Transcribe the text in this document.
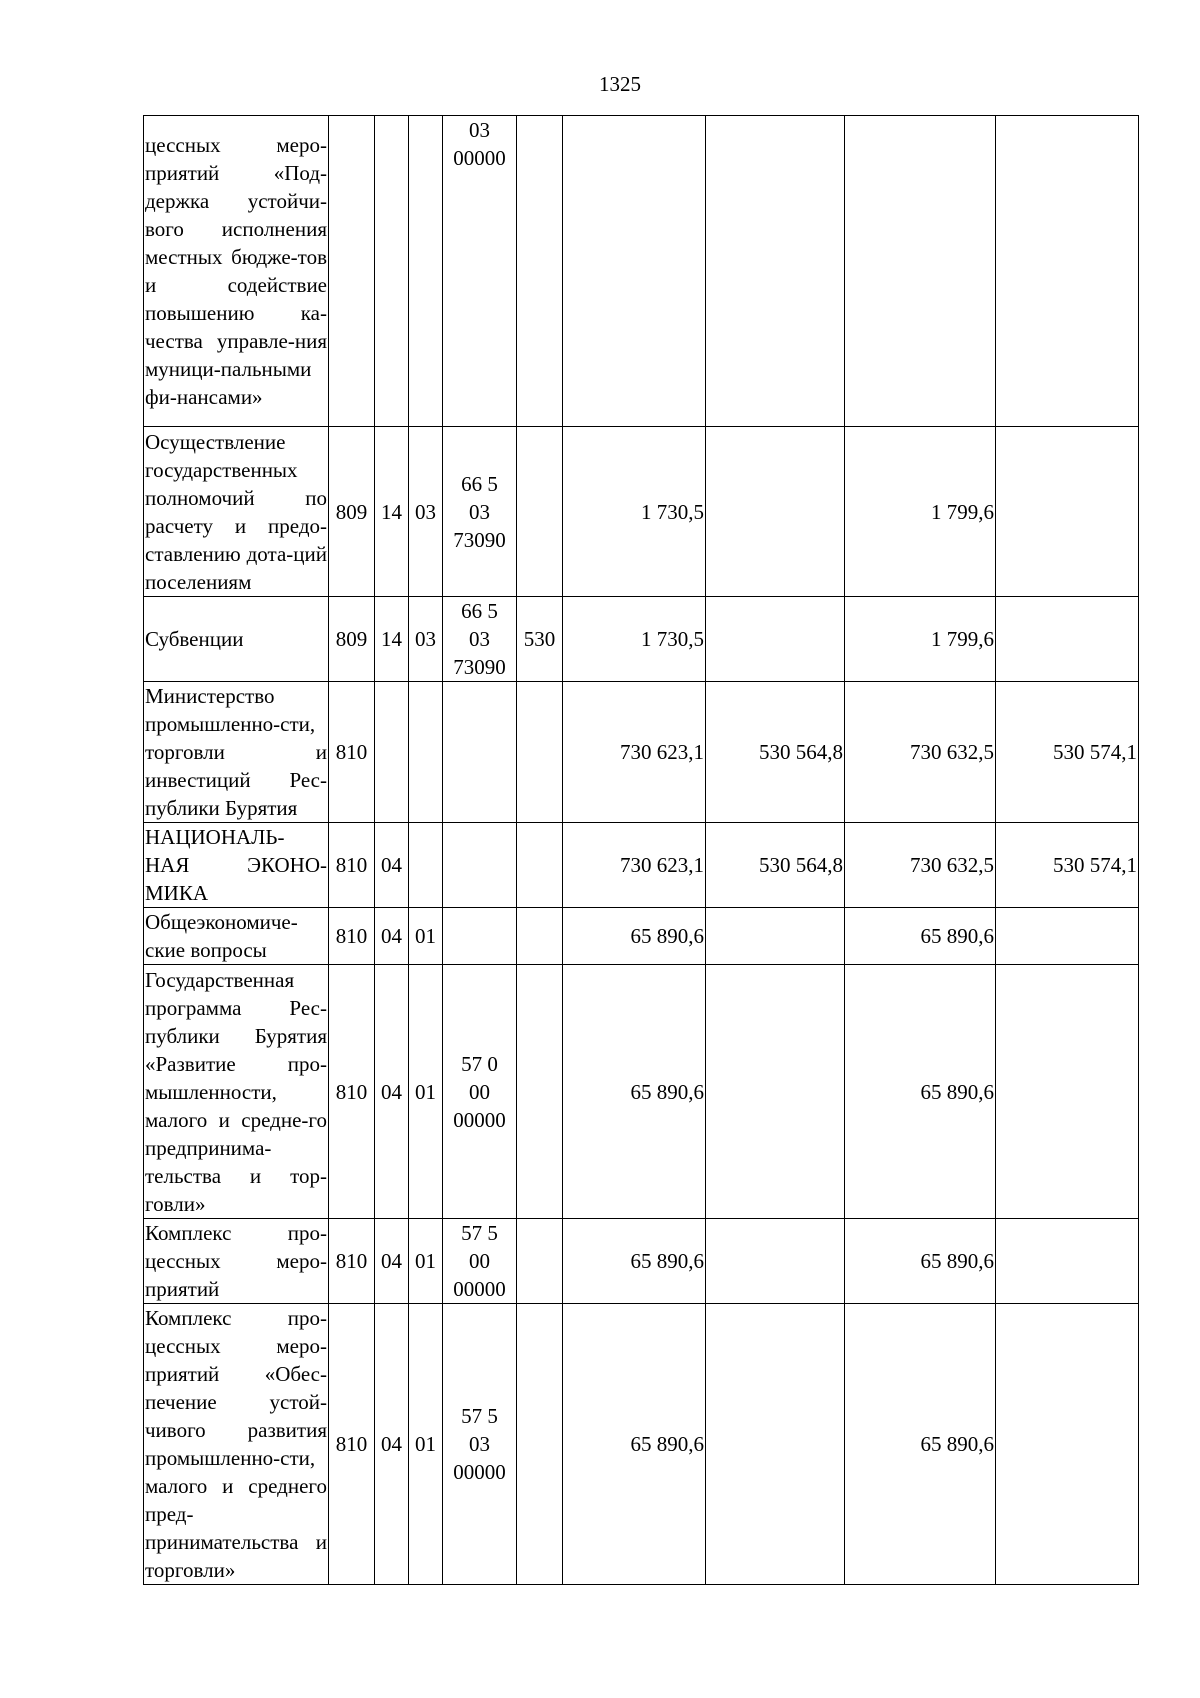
1325
цессных меро-приятий «Под-держка устойчи-вого исполнения местных бюдже-тов и содействие повышению ка-чества управле-ния муници-пальными фи-нансами»				03
00000					
Осуществление государственных полномочий по расчету и предо-ставлению дота-ций поселениям	809	14	03	66 5
03
73090		1 730,5		1 799,6	
Субвенции	809	14	03	66 5
03
73090	530	1 730,5		1 799,6	
Министерство промышленно-сти, торговли и инвестиций Рес-публики Бурятия	810					730 623,1	530 564,8	730 632,5	530 574,1
НАЦИОНАЛЬ-НАЯ ЭКОНО-МИКА	810	04				730 623,1	530 564,8	730 632,5	530 574,1
Общеэкономиче-ские вопросы	810	04	01			65 890,6		65 890,6	
Государственная программа Рес-публики Бурятия «Развитие про-мышленности, малого и средне-го предпринима-тельства и тор-говли»	810	04	01	57 0
00
00000		65 890,6		65 890,6	
Комплекс про-цессных меро-приятий	810	04	01	57 5
00
00000		65 890,6		65 890,6	
Комплекс про-цессных меро-приятий «Обес-печение устой-чивого развития промышленно-сти, малого и среднего пред-принимательства и торговли»	810	04	01	57 5
03
00000		65 890,6		65 890,6	
